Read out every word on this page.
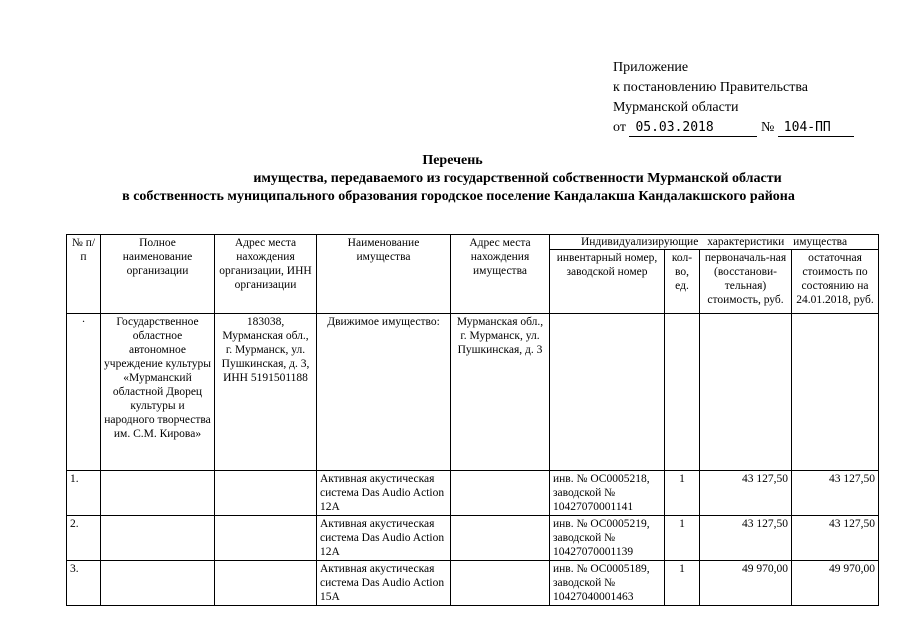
Приложение
к постановлению Правительства
Мурманской области
от 05.03.2018	№ 104-ПП
Перечень
имущества, передаваемого из государственной собственности Мурманской области
в собственность муниципального образования городское поселение Кандалакша Кандалакшского района
№ п/п	Полное наименование организации	Адрес места нахождения организации, ИНН организации	Наименование имущества	Адрес места нахождения имущества	Индивидуализирующие характеристики имущества			
					инвентарный номер, заводской номер	кол-во, ед.	первоначаль-ная (восстанови-тельная) стоимость, руб.	остаточная стоимость по состоянию на 24.01.2018, руб.
·	Государственное областное автономное учреждение культуры «Мурманский областной Дворец культуры и народного творчества им. С.М. Кирова»	183038, Мурманская обл., г. Мурманск, ул. Пушкинская, д. 3, ИНН 5191501188	Движимое имущество:	Мурманская обл., г. Мурманск, ул. Пушкинская, д. 3				
1.			Активная акустическая система Das Audio Action 12A		инв. № ОС0005218, заводской № 10427070001141	1	43 127,50	43 127,50
2.			Активная акустическая система Das Audio Action 12A		инв. № ОС0005219, заводской № 10427070001139	1	43 127,50	43 127,50
3.			Активная акустическая система Das Audio Action 15A		инв. № ОС0005189, заводской № 10427040001463	1	49 970,00	49 970,00
